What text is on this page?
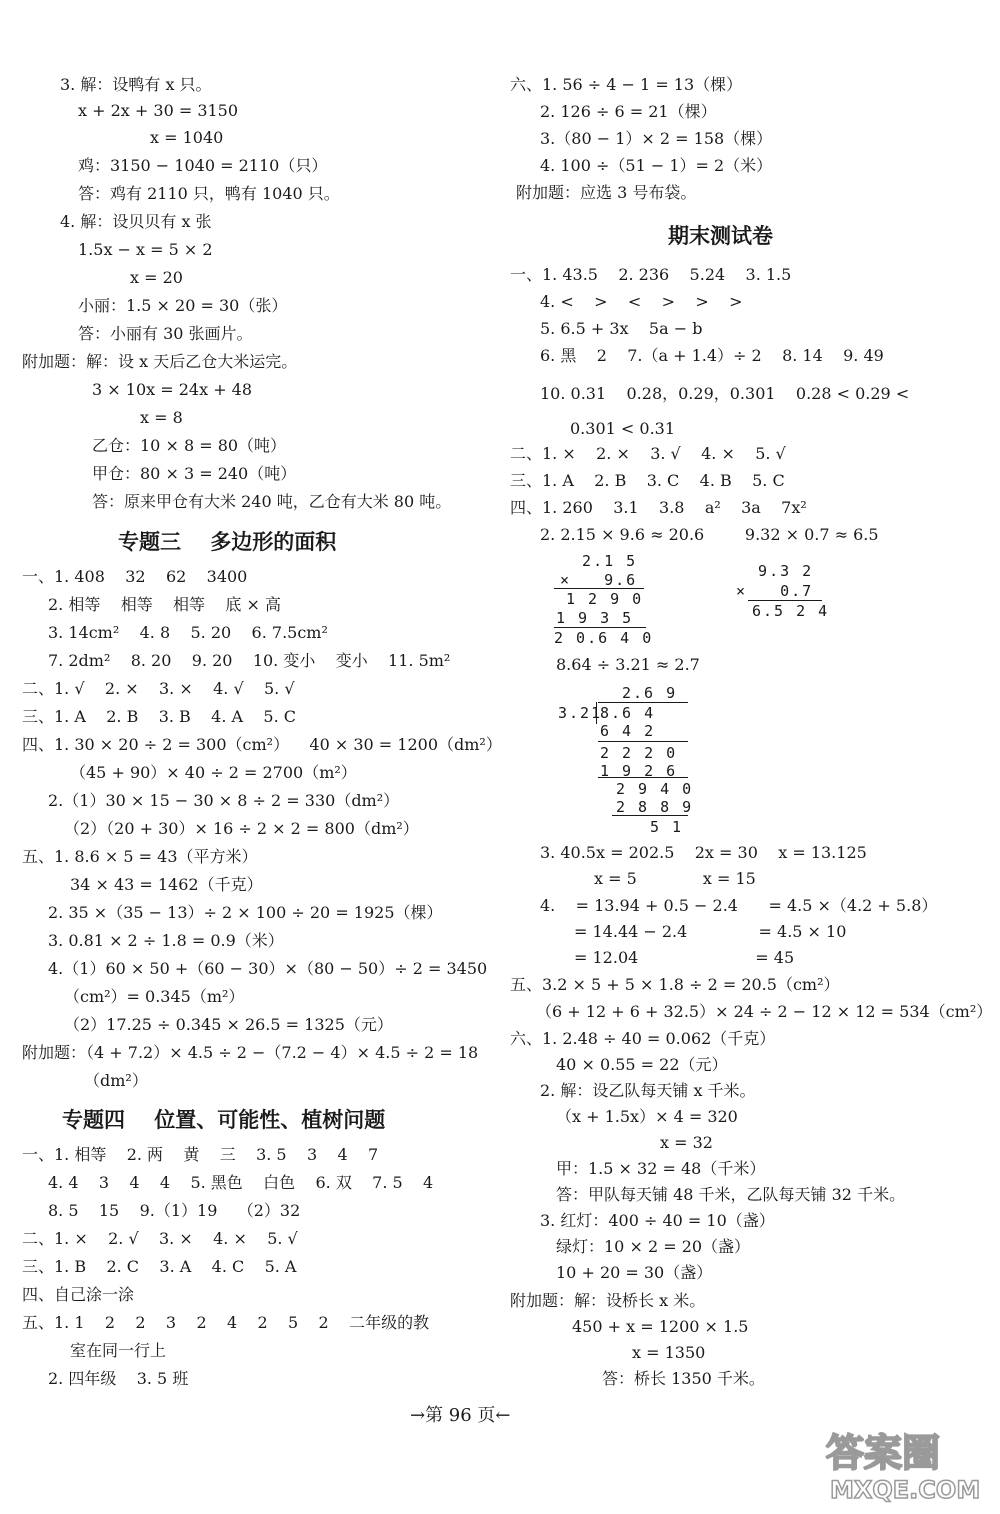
3. 解：设鸭有 x 只。
x + 2x + 30 = 3150
x = 1040
鸡：3150 − 1040 = 2110（只）
答：鸡有 2110 只，鸭有 1040 只。
4. 解：设贝贝有 x 张
1.5x − x = 5 × 2
x = 20
小丽：1.5 × 20 = 30（张）
答：小丽有 30 张画片。
附加题：解：设 x 天后乙仓大米运完。
3 × 10x = 24x + 48
x = 8
乙仓：10 × 8 = 80（吨）
甲仓：80 × 3 = 240（吨）
答：原来甲仓有大米 240 吨，乙仓有大米 80 吨。
一、1. 408    32    62    3400
2. 相等    相等    相等    底 × 高
3. 14cm²    4. 8    5. 20    6. 7.5cm²
7. 2dm²    8. 20    9. 20    10. 变小    变小    11. 5m²
二、1. √    2. ×    3. ×    4. √    5. √
三、1. A    2. B    3. B    4. A    5. C
四、1. 30 × 20 ÷ 2 = 300（cm²）    40 × 30 = 1200（dm²）
（45 + 90）× 40 ÷ 2 = 2700（m²）
2.（1）30 × 15 − 30 × 8 ÷ 2 = 330（dm²）
（2）（20 + 30）× 16 ÷ 2 × 2 = 800（dm²）
五、1. 8.6 × 5 = 43（平方米）
34 × 43 = 1462（千克）
2. 35 ×（35 − 13）÷ 2 × 100 ÷ 20 = 1925（棵）
3. 0.81 × 2 ÷ 1.8 = 0.9（米）
4.（1）60 × 50 +（60 − 30）×（80 − 50）÷ 2 = 3450
（cm²）= 0.345（m²）
（2）17.25 ÷ 0.345 × 26.5 = 1325（元）
附加题：（4 + 7.2）× 4.5 ÷ 2 −（7.2 − 4）× 4.5 ÷ 2 = 18
（dm²）
一、1. 相等    2. 两    黄    三    3. 5    3    4    7
4. 4    3    4    4    5. 黑色    白色    6. 双    7. 5    4
8. 5    15    9.（1）19    （2）32
二、1. ×    2. √    3. ×    4. ×    5. √
三、1. B    2. C    3. A    4. C    5. A
四、自己涂一涂
五、1. 1    2    2    3    2    4    2    5    2    二年级的教
室在同一行上
2. 四年级    3. 5 班
专题三    多边形的面积
专题四    位置、可能性、植树问题
六、1. 56 ÷ 4 − 1 = 13（棵）
2. 126 ÷ 6 = 21（棵）
3.（80 − 1）× 2 = 158（棵）
4. 100 ÷（51 − 1）= 2（米）
附加题：应选 3 号布袋。
一、1. 43.5    2. 236    5.24    3. 1.5
4. <    >    <    >    >    >
5. 6.5 + 3x    5a − b
6. 黑    2    7.（a + 1.4）÷ 2    8. 14    9. 49
10. 0.31    0.28，0.29，0.301    0.28 < 0.29 <
0.301 < 0.31
二、1. ×    2. ×    3. √    4. ×    5. √
三、1. A    2. B    3. C    4. B    5. C
四、1. 260    3.1    3.8    a²    3a    7x²
2. 2.15 × 9.6 ≈ 20.6        9.32 × 0.7 ≈ 6.5
8.64 ÷ 3.21 ≈ 2.7
3. 40.5x = 202.5    2x = 30    x = 13.125
x = 5             x = 15
4.    = 13.94 + 0.5 − 2.4      = 4.5 ×（4.2 + 5.8）
= 14.44 − 2.4              = 4.5 × 10
= 12.04                       = 45
五、3.2 × 5 + 5 × 1.8 ÷ 2 = 20.5（cm²）
（6 + 12 + 6 + 32.5）× 24 ÷ 2 − 12 × 12 = 534（cm²）
六、1. 2.48 ÷ 40 = 0.062（千克）
40 × 0.55 = 22（元）
2. 解：设乙队每天铺 x 千米。
（x + 1.5x）× 4 = 320
x = 32
甲：1.5 × 32 = 48（千米）
答：甲队每天铺 48 千米，乙队每天铺 32 千米。
3. 红灯：400 ÷ 40 = 10（盏）
绿灯：10 × 2 = 20（盏）
10 + 20 = 30（盏）
附加题：解：设桥长 x 米。
450 + x = 1200 × 1.5
x = 1350
答：桥长 1350 千米。
期末测试卷
2.1 5
×   9.6
1 2 9 0
1 9 3 5
2 0.6 4 0
9.3 2
×   0.7
6.5 2 4
2.6 9
3.21
8.6 4
6 4 2
2 2 2 0
1 9 2 6
2 9 4 0
2 8 8 9
5 1
→第 96 页←
答案圈
MXQE.COM
